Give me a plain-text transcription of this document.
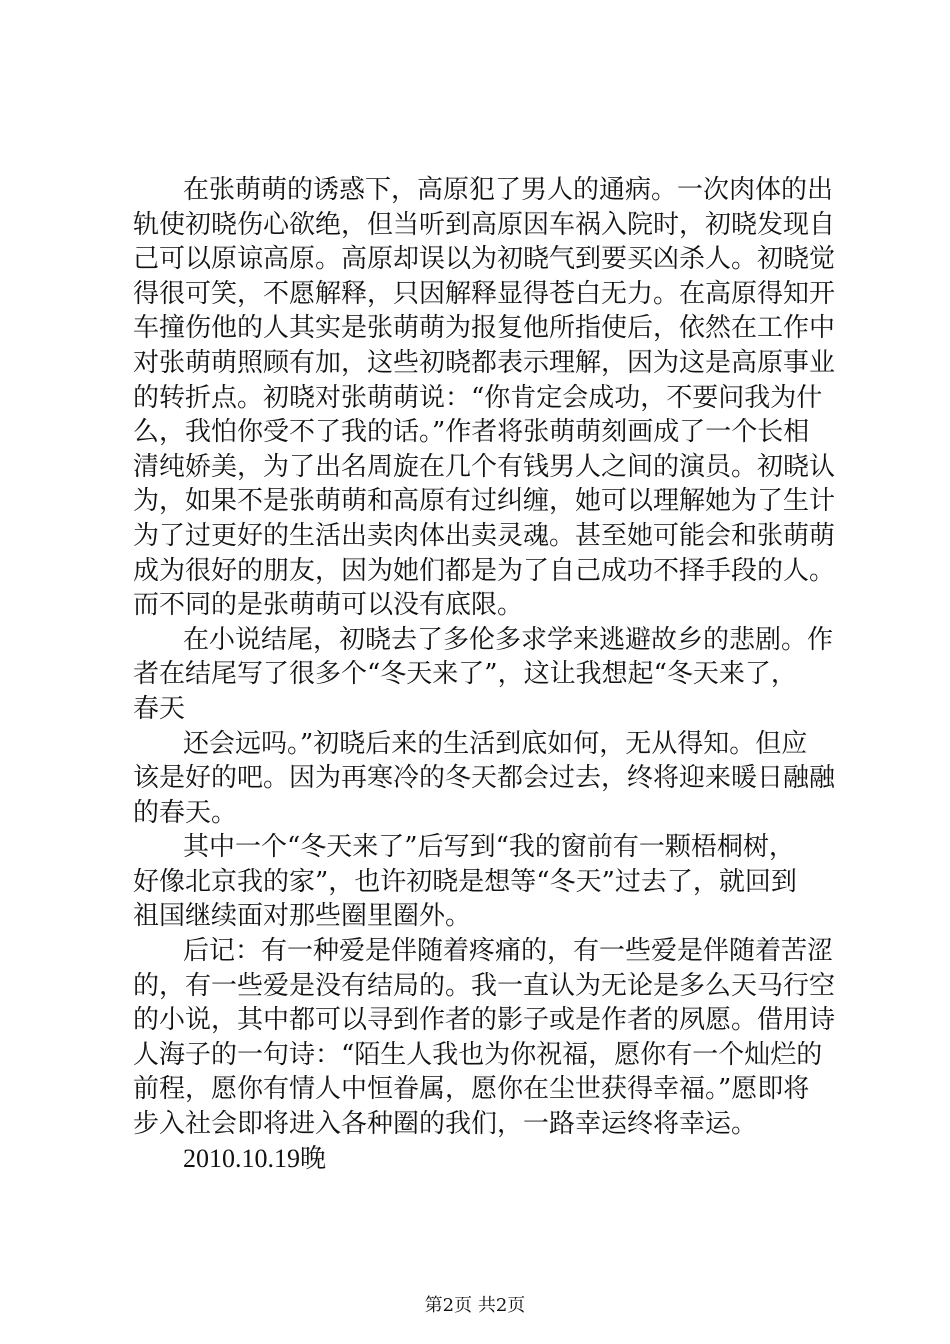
在张萌萌的诱惑下，高原犯了男人的通病。一次肉体的出
轨使初晓伤心欲绝，但当听到高原因车祸入院时，初晓发现自
己可以原谅高原。高原却误以为初晓气到要买凶杀人。初晓觉
得很可笑，不愿解释，只因解释显得苍白无力。在高原得知开
车撞伤他的人其实是张萌萌为报复他所指使后，依然在工作中
对张萌萌照顾有加，这些初晓都表示理解，因为这是高原事业
的转折点。初晓对张萌萌说：“你肯定会成功，不要问我为什
么，我怕你受不了我的话。”作者将张萌萌刻画成了一个长相
清纯娇美，为了出名周旋在几个有钱男人之间的演员。初晓认
为，如果不是张萌萌和高原有过纠缠，她可以理解她为了生计
为了过更好的生活出卖肉体出卖灵魂。甚至她可能会和张萌萌
成为很好的朋友，因为她们都是为了自己成功不择手段的人。
而不同的是张萌萌可以没有底限。
在小说结尾，初晓去了多伦多求学来逃避故乡的悲剧。作
者在结尾写了很多个“冬天来了”，这让我想起“冬天来了，
春天
还会远吗。”初晓后来的生活到底如何，无从得知。但应
该是好的吧。因为再寒冷的冬天都会过去，终将迎来暖日融融
的春天。
其中一个“冬天来了”后写到“我的窗前有一颗梧桐树，
好像北京我的家”，也许初晓是想等“冬天”过去了，就回到
祖国继续面对那些圈里圈外。
后记：有一种爱是伴随着疼痛的，有一些爱是伴随着苦涩
的，有一些爱是没有结局的。我一直认为无论是多么天马行空
的小说，其中都可以寻到作者的影子或是作者的夙愿。借用诗
人海子的一句诗：“陌生人我也为你祝福，愿你有一个灿烂的
前程，愿你有情人中恒眷属，愿你在尘世获得幸福。”愿即将
步入社会即将进入各种圈的我们，一路幸运终将幸运。
2010.10.19晚
第2页 共2页
